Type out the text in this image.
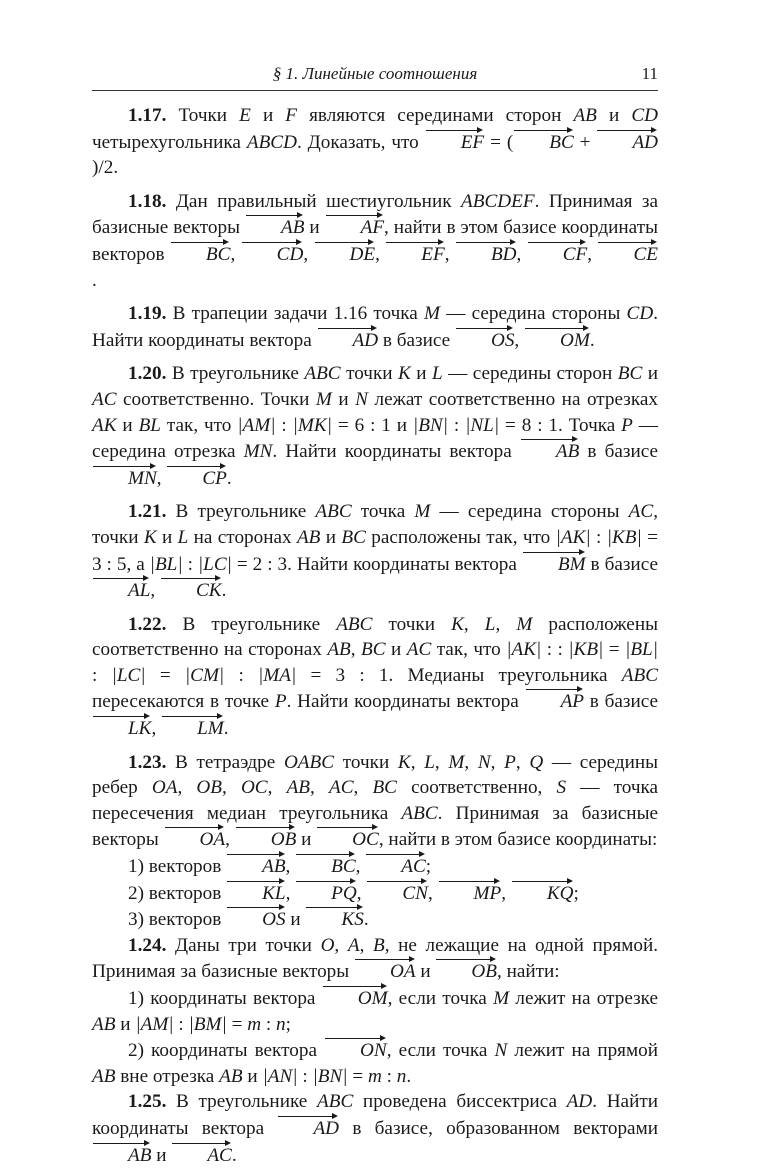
§ 1. Линейные соотношения	11

1.17. Точки E и F являются серединами сторон AB и CD четырехугольника ABCD. Доказать, что EF = ( BC + AD)/2.

1.18. Дан правильный шестиугольник ABCDEF. Принимая за базисные векторы AB и AF, найти в этом базисе координаты векторов BC, CD, DE, EF, BD, CF, CE.

1.19. В трапеции задачи 1.16 точка M — середина стороны CD. Найти координаты вектора AD в базисе OS, OM.

1.20. В треугольнике ABC точки K и L — середины сторон BC и AC соответственно. Точки M и N лежат соответственно на отрезках AK и BL так, что |AM| : |MK| = 6 : 1 и |BN| : |NL| = 8 : 1. Точка P — середина отрезка MN. Найти координаты вектора AB в базисе MN, CP.

1.21. В треугольнике ABC точка M — середина стороны AC, точки K и L на сторонах AB и BC расположены так, что |AK| : |KB| = 3 : 5, а |BL| : |LC| = 2 : 3. Найти координаты вектора BM в базисе AL, CK.

1.22. В треугольнике ABC точки K, L, M расположены соответственно на сторонах AB, BC и AC так, что |AK| : : |KB| = |BL| : |LC| = |CM| : |MA| = 3 : 1. Медианы треугольника ABC пересекаются в точке P. Найти координаты вектора AP в базисе LK, LM.

1.23. В тетраэдре OABC точки K, L, M, N, P, Q — середины ребер OA, OB, OC, AB, AC, BC соответственно, S — точка пересечения медиан треугольника ABC. Принимая за базисные векторы OA, OB и OC, найти в этом базисе координаты:

1) векторов AB, BC, AC;

2) векторов KL, PQ, CN, MP, KQ;

3) векторов OS и KS.

1.24. Даны три точки O, A, B, не лежащие на одной прямой. Принимая за базисные векторы OA и OB, найти:

1) координаты вектора OM, если точка M лежит на отрезке AB и |AM| : |BM| = m : n;

2) координаты вектора ON, если точка N лежит на прямой AB вне отрезка AB и |AN| : |BN| = m : n.

1.25. В треугольнике ABC проведена биссектриса AD. Найти координаты вектора AD в базисе, образованном векторами AB и AC.
